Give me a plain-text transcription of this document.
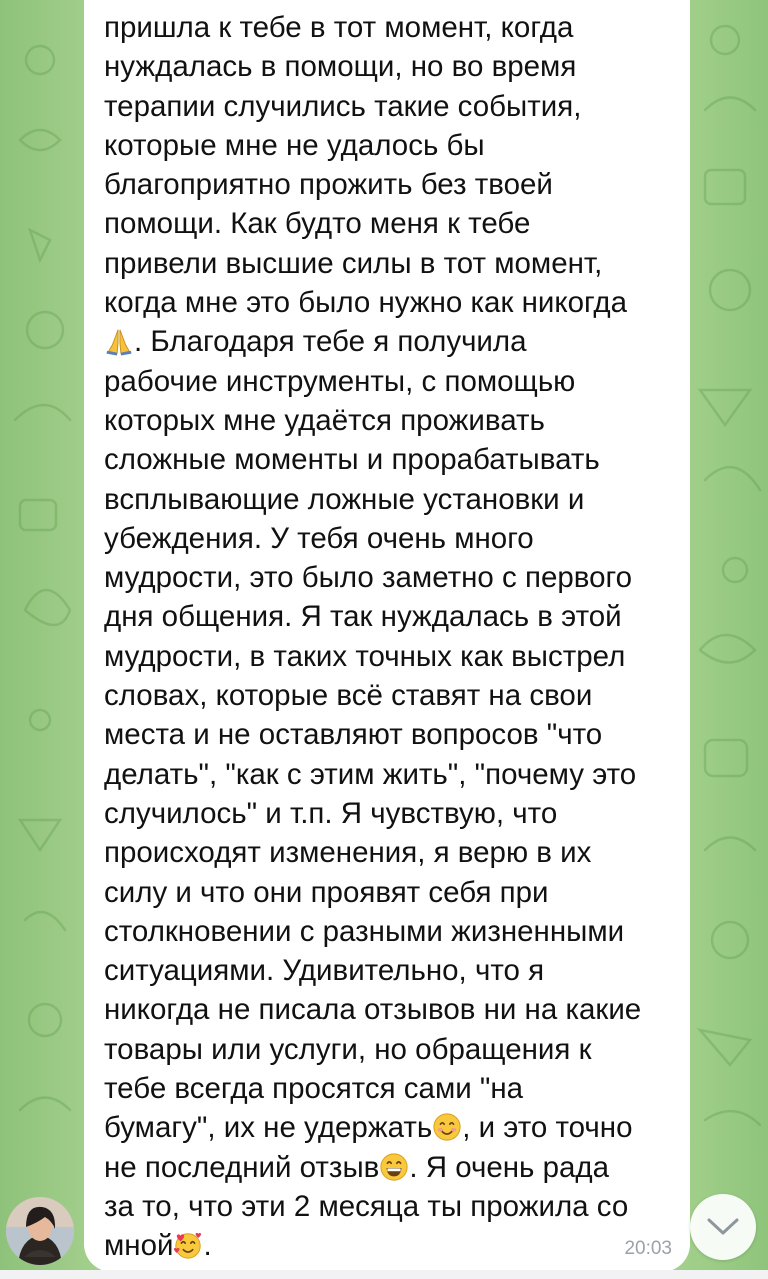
пришла к тебе в тот момент, когда
нуждалась в помощи, но во время
терапии случились такие события,
которые мне не удалось бы
благоприятно прожить без твоей
помощи. Как будто меня к тебе
привели высшие силы в тот момент,
когда мне это было нужно как никогда
. Благодаря тебе я получила
рабочие инструменты, с помощью
которых мне удаётся проживать
сложные моменты и прорабатывать
всплывающие ложные установки и
убеждения. У тебя очень много
мудрости, это было заметно с первого
дня общения. Я так нуждалась в этой
мудрости, в таких точных как выстрел
словах, которые всё ставят на свои
места и не оставляют вопросов "что
делать", "как с этим жить", "почему это
случилось" и т.п. Я чувствую, что
происходят изменения, я верю в их
силу и что они проявят себя при
столкновении с разными жизненными
ситуациями. Удивительно, что я
никогда не писала отзывов ни на какие
товары или услуги, но обращения к
тебе всегда просятся сами "на
бумагу", их не удержать , и это точно
не последний отзыв . Я очень рада
за то, что эти 2 месяца ты прожила со
мной .	20:03
